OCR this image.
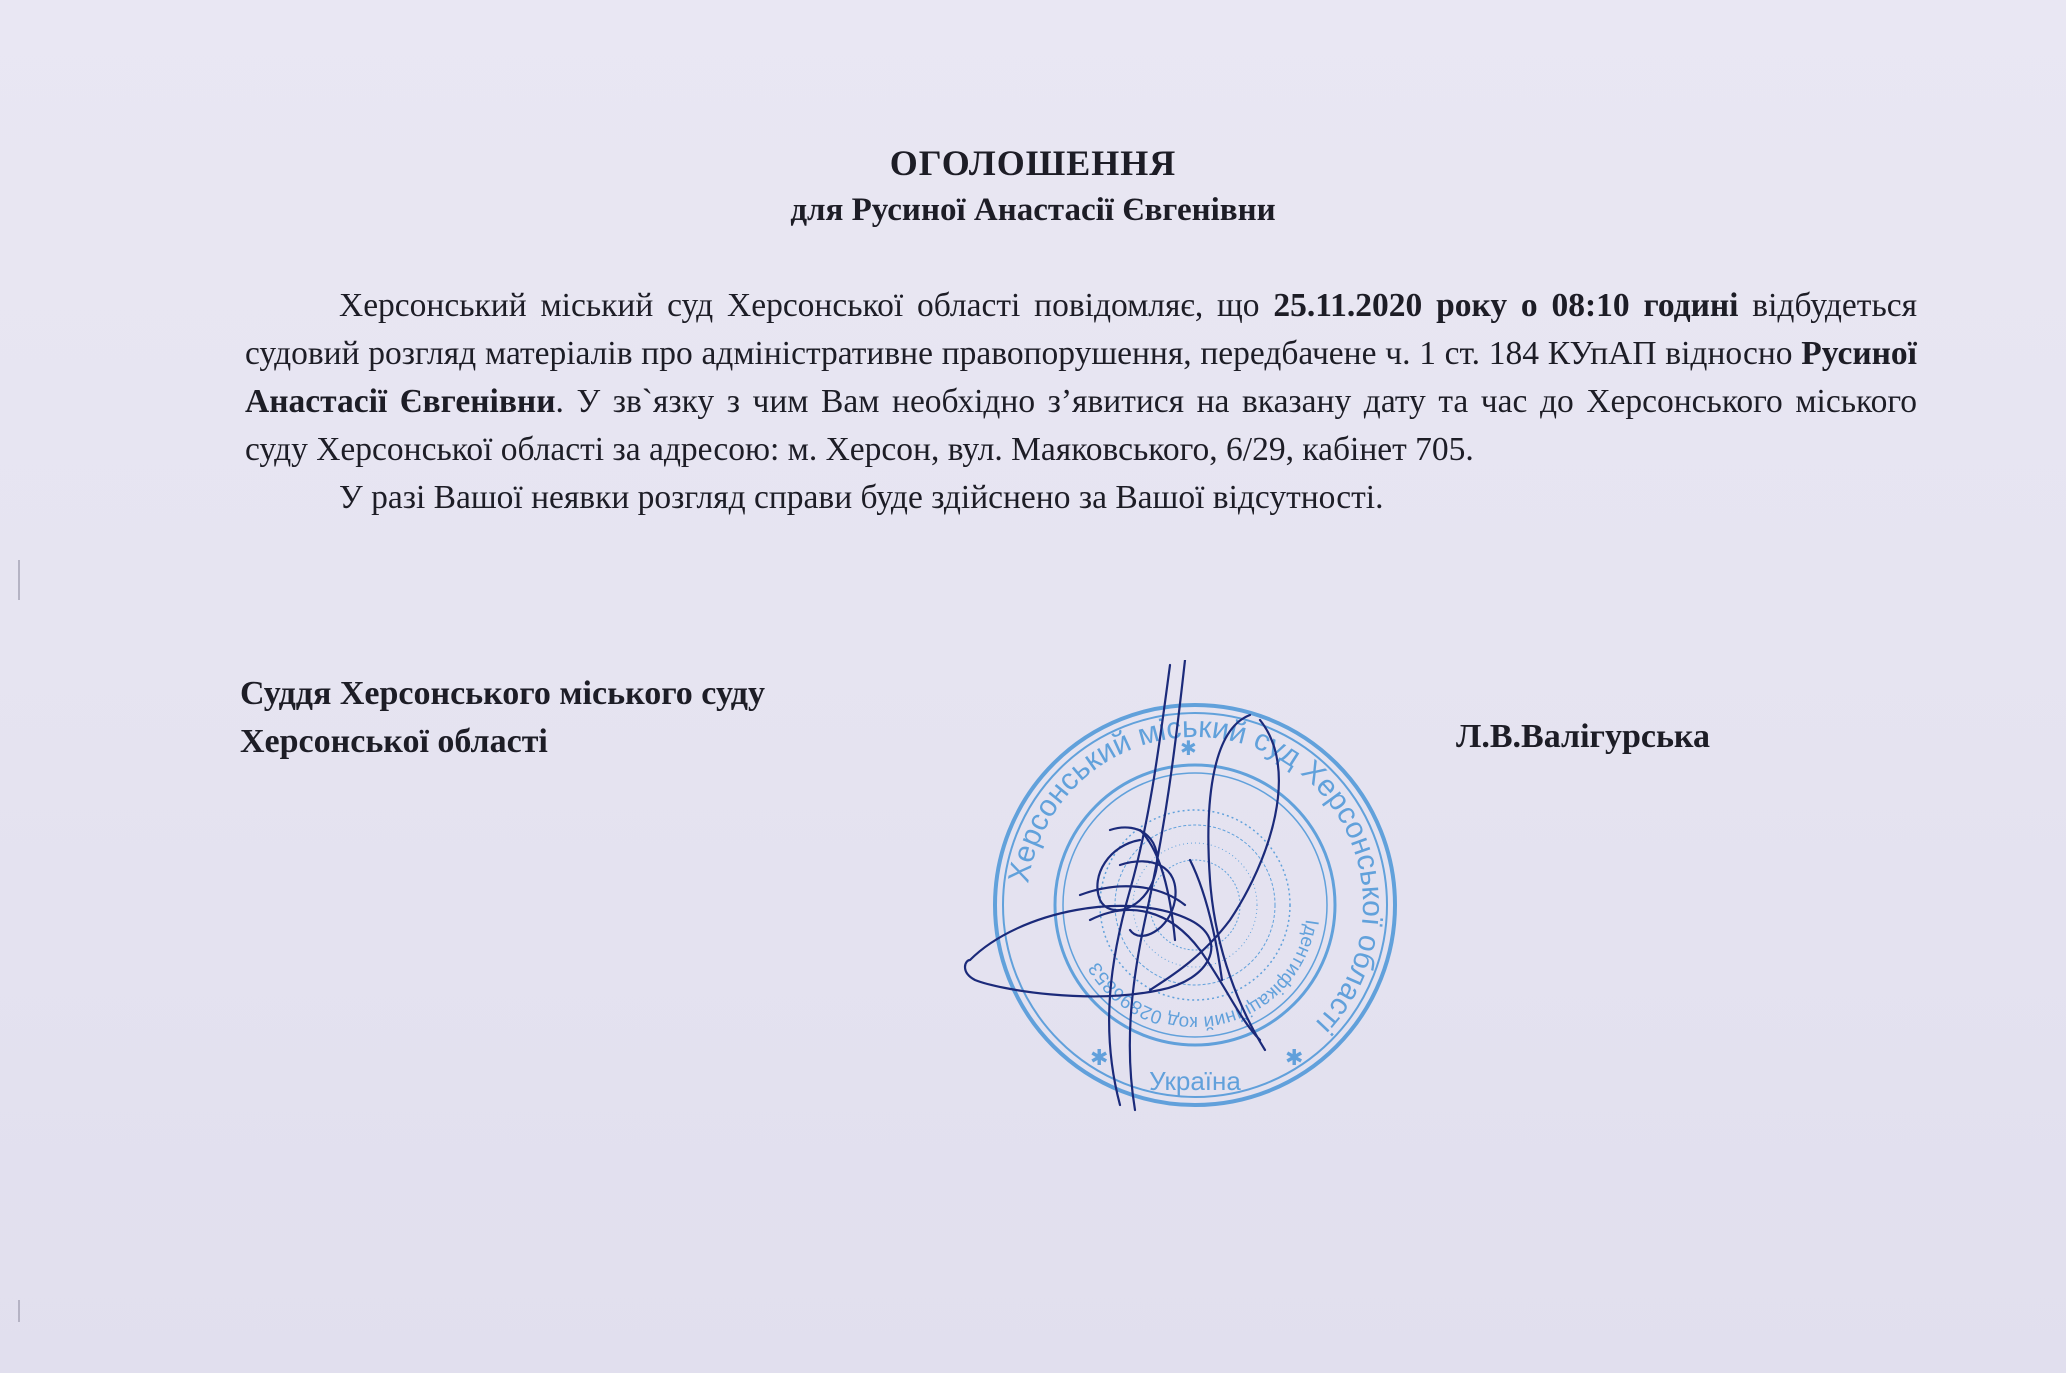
ОГОЛОШЕННЯ
для Русиної Анастасії Євгенівни

Херсонський міський суд Херсонської області повідомляє, що 25.11.2020 року о 08:10 годині відбудеться судовий розгляд матеріалів про адміністративне правопорушення, передбачене ч. 1 ст. 184 КУпАП відносно Русиної Анастасії Євгенівни. У зв`язку з чим Вам необхідно з’явитися на вказану дату та час до Херсонського міського суду Херсонської області за адресою: м. Херсон, вул. Маяковського, 6/29, кабінет 705.

У разі Вашої неявки розгляд справи буде здійснено за Вашої відсутності.

Суддя Херсонського міського суду
Херсонської області	Л.В.Валігурська
Херсонський міський суд Херсонської області
Ідентифікаційний код 02896853
Україна
✱	✱
✱
